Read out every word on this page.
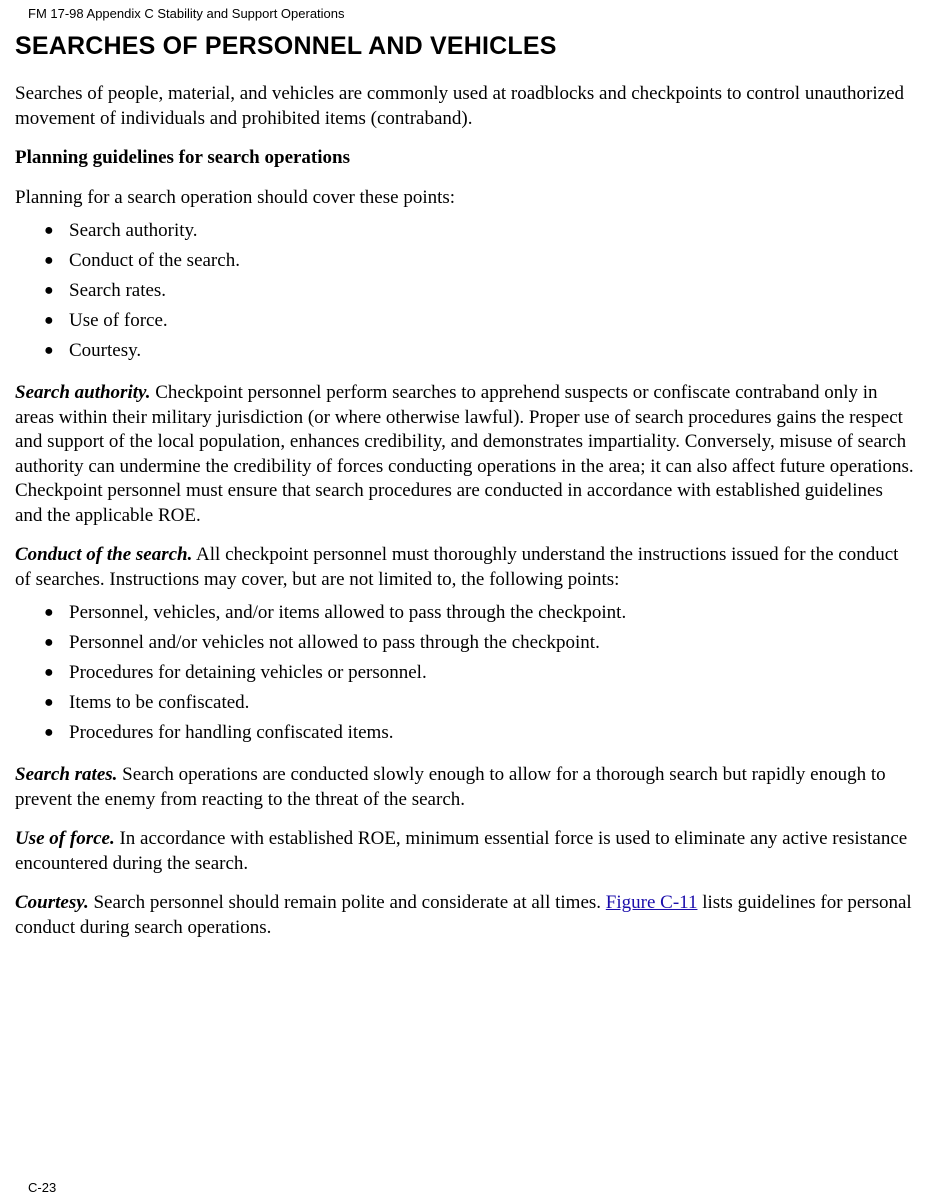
FM 17-98 Appendix C Stability and Support Operations
SEARCHES OF PERSONNEL AND VEHICLES

Searches of people, material, and vehicles are commonly used at roadblocks and checkpoints to control unauthorized movement of individuals and prohibited items (contraband).

Planning guidelines for search operations

Planning for a search operation should cover these points:

● Search authority.
● Conduct of the search.
● Search rates.
● Use of force.
● Courtesy.

Search authority. Checkpoint personnel perform searches to apprehend suspects or confiscate contraband only in areas within their military jurisdiction (or where otherwise lawful). Proper use of search procedures gains the respect and support of the local population, enhances credibility, and demonstrates impartiality. Conversely, misuse of search authority can undermine the credibility of forces conducting operations in the area; it can also affect future operations. Checkpoint personnel must ensure that search procedures are conducted in accordance with established guidelines and the applicable ROE.

Conduct of the search. All checkpoint personnel must thoroughly understand the instructions issued for the conduct of searches. Instructions may cover, but are not limited to, the following points:

● Personnel, vehicles, and/or items allowed to pass through the checkpoint.
● Personnel and/or vehicles not allowed to pass through the checkpoint.
● Procedures for detaining vehicles or personnel.
● Items to be confiscated.
● Procedures for handling confiscated items.

Search rates. Search operations are conducted slowly enough to allow for a thorough search but rapidly enough to prevent the enemy from reacting to the threat of the search.

Use of force. In accordance with established ROE, minimum essential force is used to eliminate any active resistance encountered during the search.

Courtesy. Search personnel should remain polite and considerate at all times. Figure C-11 lists guidelines for personal conduct during search operations.

C-23
